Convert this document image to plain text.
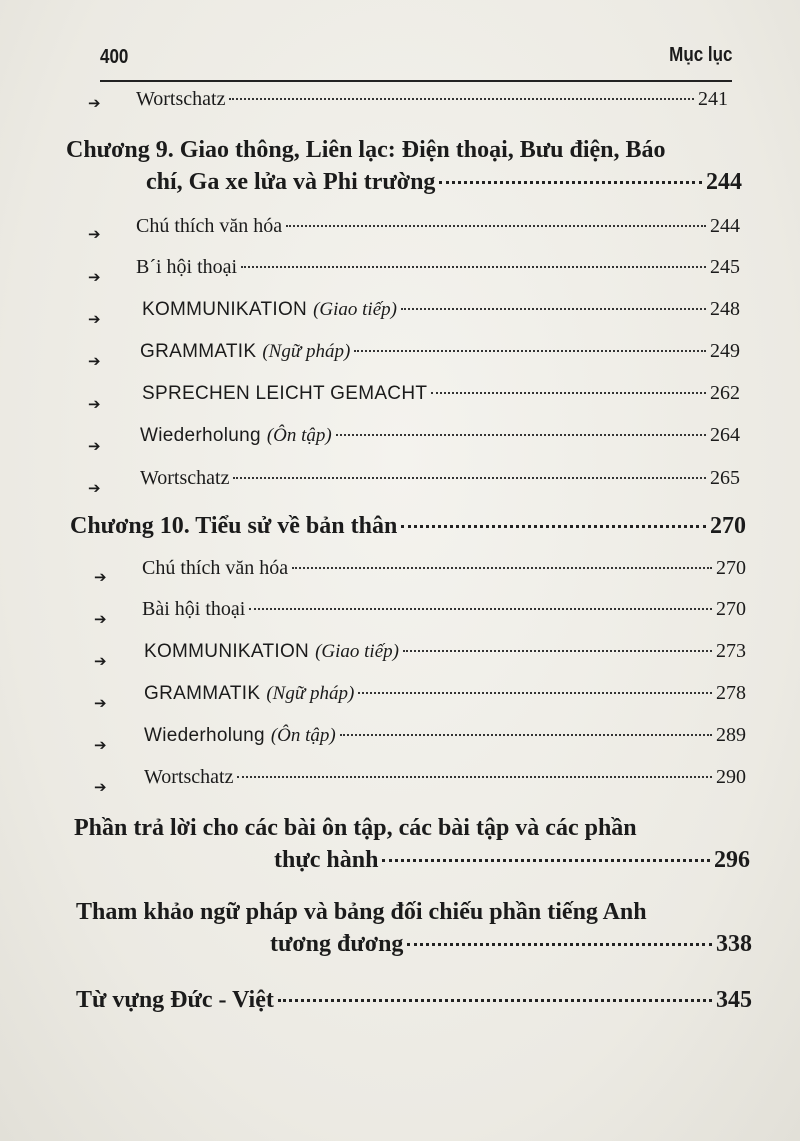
400	Mục lục
➔ Wortschatz	241
Chương 9. Giao thông, Liên lạc: Điện thoại, Bưu điện, Báo
chí, Ga xe lửa và Phi trường	244
➔ Chú thích văn hóa	244
➔ B´i hội thoại	245
➔ KOMMUNIKATION (Giao tiếp)	248
➔ GRAMMATIK (Ngữ pháp)	249
➔ SPRECHEN LEICHT GEMACHT	262
➔ Wiederholung (Ôn tập)	264
➔ Wortschatz	265
Chương 10. Tiểu sử về bản thân	270
➔ Chú thích văn hóa	270
➔ Bài hội thoại	270
➔ KOMMUNIKATION (Giao tiếp)	273
➔ GRAMMATIK (Ngữ pháp)	278
➔ Wiederholung (Ôn tập)	289
➔ Wortschatz	290
Phần trả lời cho các bài ôn tập, các bài tập và các phần
thực hành	296
Tham khảo ngữ pháp và bảng đối chiếu phần tiếng Anh
tương đương	338
Từ vựng Đức - Việt	345
